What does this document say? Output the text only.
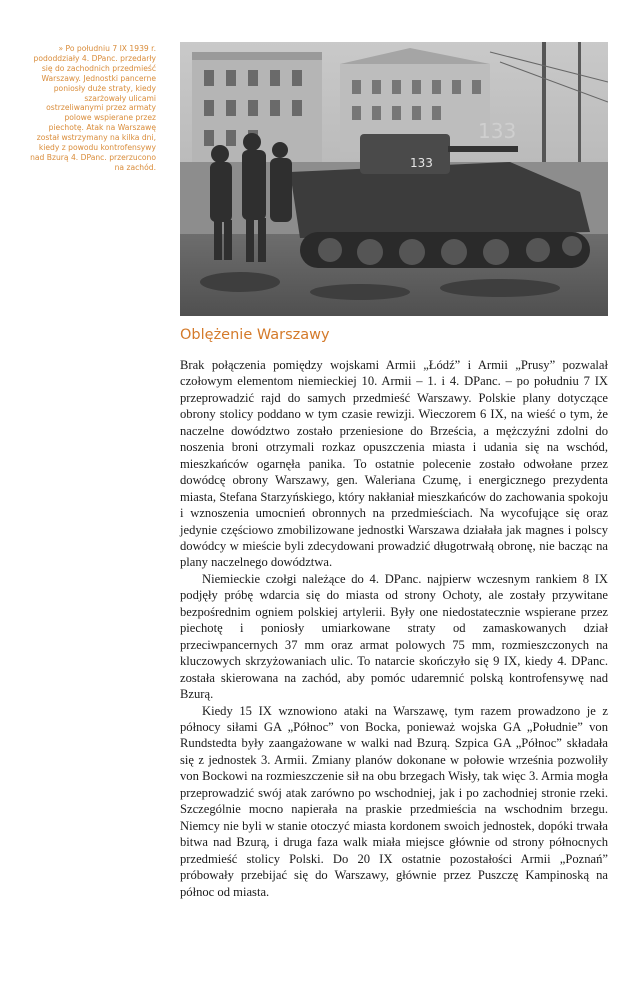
» Po południu 7 IX 1939 r. pododdziały 4. DPanc. przedarły się do zachodnich przedmieść Warszawy. Jednostki pancerne poniosły duże straty, kiedy szarżowały ulicami ostrzeliwanymi przez armaty polowe wspierane przez piechotę. Atak na Warszawę został wstrzymany na kilka dni, kiedy z powodu kontrofensywy nad Bzurą 4. DPanc. przerzucono na zachód.	133
133
Oblężenie Warszawy

Brak połączenia pomiędzy wojskami Armii „Łódź” i Armii „Prusy” pozwalał czołowym elementom niemieckiej 10. Armii – 1. i 4. DPanc. – po południu 7 IX przeprowadzić rajd do samych przedmieść Warszawy. Polskie plany dotyczące obrony stolicy poddano w tym czasie rewizji. Wieczorem 6 IX, na wieść o tym, że naczelne dowództwo zostało przeniesione do Brześcia, a mężczyźni zdolni do noszenia broni otrzymali rozkaz opuszczenia miasta i udania się na wschód, mieszkańców ogarnęła panika. To ostatnie polecenie zostało odwołane przez dowódcę obrony Warszawy, gen. Waleriana Czumę, i energicznego prezydenta miasta, Stefana Starzyńskiego, który nakłaniał mieszkańców do zachowania spokoju i wznoszenia umocnień obronnych na przedmieściach. Na wycofujące się oraz jedynie częściowo zmobilizowane jednostki Warszawa działała jak magnes i polscy dowódcy w mieście byli zdecydowani prowadzić długotrwałą obronę, nie bacząc na plany naczelnego dowództwa.

Niemieckie czołgi należące do 4. DPanc. najpierw wczesnym rankiem 8 IX podjęły próbę wdarcia się do miasta od strony Ochoty, ale zostały przywitane bezpośrednim ogniem polskiej artylerii. Były one niedostatecznie wspierane przez piechotę i poniosły umiarkowane straty od zamaskowanych dział przeciwpancernych 37 mm oraz armat polowych 75 mm, rozmieszczonych na kluczowych skrzyżowaniach ulic. To natarcie skończyło się 9 IX, kiedy 4. DPanc. została skierowana na zachód, aby pomóc udaremnić polską kontrofensywę nad Bzurą.

Kiedy 15 IX wznowiono ataki na Warszawę, tym razem prowadzono je z północy siłami GA „Północ” von Bocka, ponieważ wojska GA „Południe” von Rundstedta były zaangażowane w walki nad Bzurą. Szpica GA „Północ” składała się z jednostek 3. Armii. Zmiany planów dokonane w połowie września pozwoliły von Bockowi na rozmieszczenie sił na obu brzegach Wisły, tak więc 3. Armia mogła przeprowadzić swój atak zarówno po wschodniej, jak i po zachodniej stronie rzeki. Szczególnie mocno napierała na praskie przedmieścia na wschodnim brzegu. Niemcy nie byli w stanie otoczyć miasta kordonem swoich jednostek, dopóki trwała bitwa nad Bzurą, i druga faza walk miała miejsce głównie od strony północnych przedmieść stolicy Polski. Do 20 IX ostatnie pozostałości Armii „Poznań” próbowały przebijać się do Warszawy, głównie przez Puszczę Kampinoską na północ od miasta.
